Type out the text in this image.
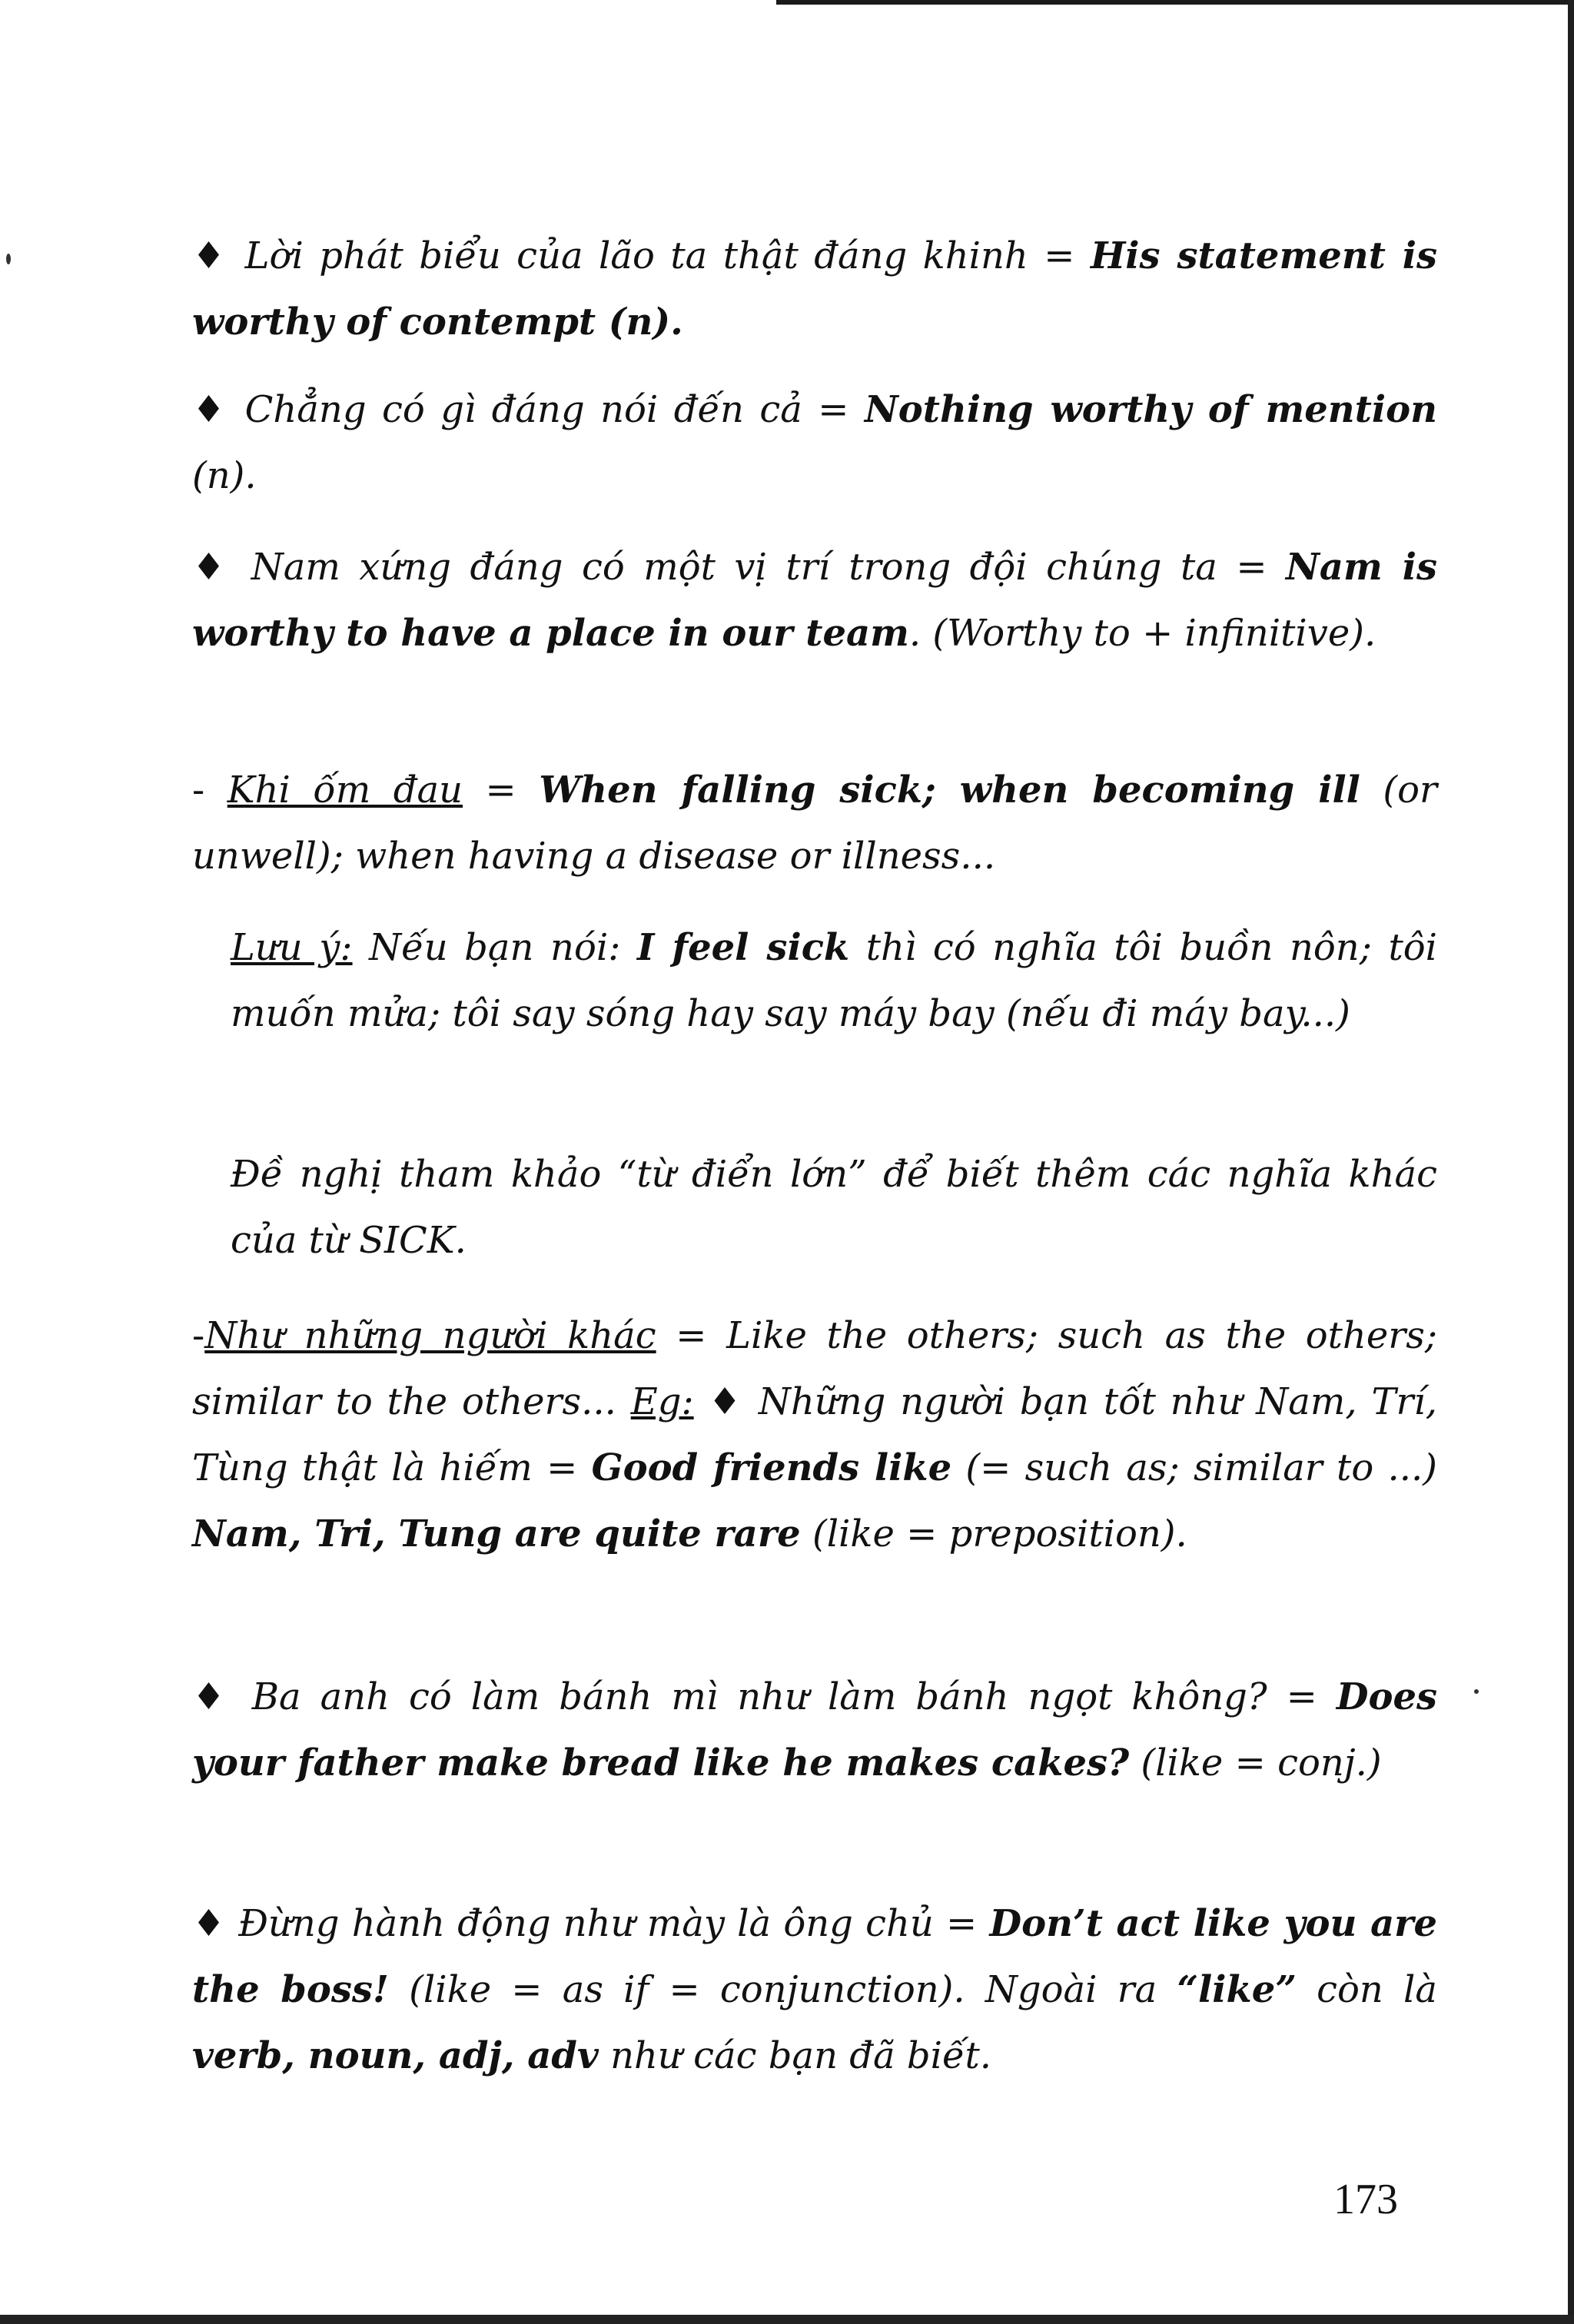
♦ Lời phát biểu của lão ta thật đáng khinh = His statement is worthy of contempt (n).

♦ Chẳng có gì đáng nói đến cả = Nothing worthy of mention (n).

♦ Nam xứng đáng có một vị trí trong đội chúng ta = Nam is worthy to have a place in our team. (Worthy to + infinitive).

- Khi ốm đau = When falling sick; when becoming ill (or unwell); when having a disease or illness...

Lưu ý: Nếu bạn nói: I feel sick thì có nghĩa tôi buồn nôn; tôi muốn mửa; tôi say sóng hay say máy bay (nếu đi máy bay...)

Đề nghị tham khảo “từ điển lớn” để biết thêm các nghĩa khác của từ SICK.

-Như những người khác = Like the others; such as the others; similar to the others... Eg: ♦ Những người bạn tốt như Nam, Trí, Tùng thật là hiếm = Good friends like (= such as; similar to ...) Nam, Tri, Tung are quite rare (like = preposition).

♦ Ba anh có làm bánh mì như làm bánh ngọt không? = Does your father make bread like he makes cakes? (like = conj.)

♦ Đừng hành động như mày là ông chủ = Don’t act like you are the boss! (like = as if = conjunction). Ngoài ra “like” còn là verb, noun, adj, adv như các bạn đã biết.

173
